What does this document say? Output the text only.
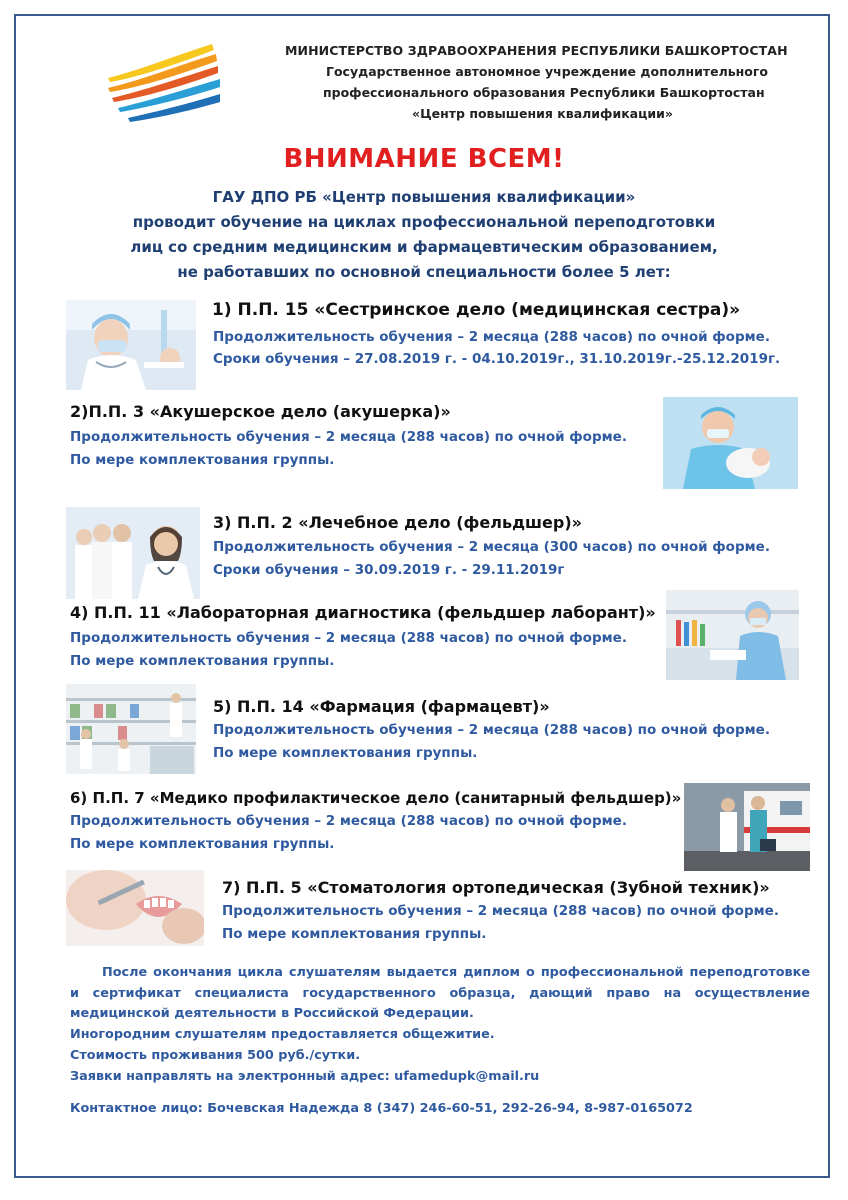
МИНИСТЕРСТВО ЗДРАВООХРАНЕНИЯ РЕСПУБЛИКИ БАШКОРТОСТАН
Государственное автономное учреждение дополнительного
профессионального образования Республики Башкортостан
«Центр повышения квалификации»
ВНИМАНИЕ ВСЕМ!
ГАУ ДПО РБ «Центр повышения квалификации»
проводит обучение на циклах профессиональной переподготовки
лиц со средним медицинским и фармацевтическим образованием,
не работавших по основной специальности более 5 лет:
1) П.П. 15 «Сестринское дело (медицинская сестра)»
Продолжительность обучения – 2 месяца (288 часов) по очной форме.
Сроки обучения – 27.08.2019 г. - 04.10.2019г., 31.10.2019г.-25.12.2019г.
2)П.П. 3 «Акушерское дело (акушерка)»
Продолжительность обучения – 2 месяца (288 часов) по очной форме.
По мере комплектования группы.
3) П.П. 2 «Лечебное дело (фельдшер)»
Продолжительность обучения – 2 месяца (300 часов) по очной форме.
Сроки обучения – 30.09.2019 г. - 29.11.2019г
4) П.П. 11 «Лабораторная диагностика (фельдшер лаборант)»
Продолжительность обучения – 2 месяца (288 часов) по очной форме.
По мере комплектования группы.
5) П.П. 14 «Фармация (фармацевт)»
Продолжительность обучения – 2 месяца (288 часов) по очной форме.
По мере комплектования группы.
6) П.П. 7 «Медико профилактическое дело (санитарный фельдшер)»
Продолжительность обучения – 2 месяца (288 часов) по очной форме.
По мере комплектования группы.
7) П.П. 5 «Стоматология ортопедическая (Зубной техник)»
Продолжительность обучения – 2 месяца (288 часов) по очной форме.
По мере комплектования группы.
После окончания цикла слушателям выдается диплом о профессиональной переподготовке и сертификат специалиста государственного образца, дающий право на осуществление медицинской деятельности в Российской Федерации.
Иногородним слушателям предоставляется общежитие.
Стоимость проживания 500 руб./сутки.
Заявки направлять на электронный адрес: ufamedupk@mail.ru
Контактное лицо: Бочевская Надежда 8 (347) 246-60-51, 292-26-94, 8-987-0165072
